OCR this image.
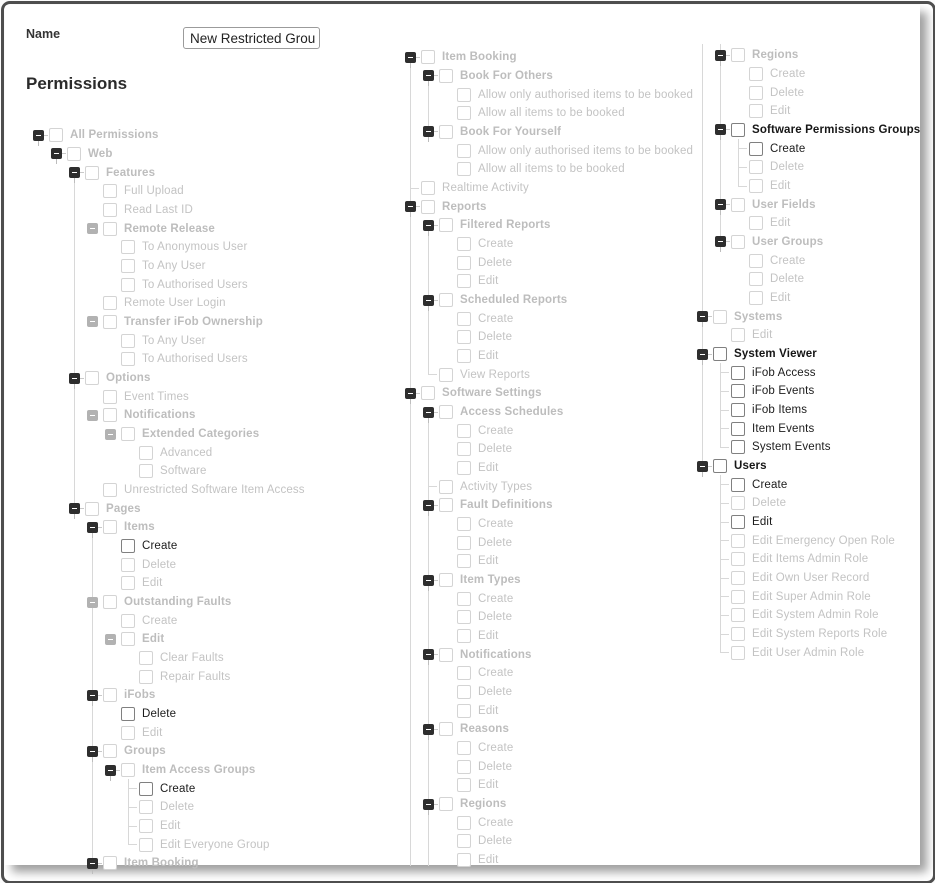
Name
New Restricted Group
Permissions
All Permissions
Web
Features
Full Upload
Read Last ID
Remote Release
To Anonymous User
To Any User
To Authorised Users
Remote User Login
Transfer iFob Ownership
To Any User
To Authorised Users
Options
Event Times
Notifications
Extended Categories
Advanced
Software
Unrestricted Software Item Access
Pages
Items
Create
Delete
Edit
Outstanding Faults
Create
Edit
Clear Faults
Repair Faults
iFobs
Delete
Edit
Groups
Item Access Groups
Create
Delete
Edit
Edit Everyone Group
Item Booking
Item Booking
Book For Others
Allow only authorised items to be booked
Allow all items to be booked
Book For Yourself
Allow only authorised items to be booked
Allow all items to be booked
Realtime Activity
Reports
Filtered Reports
Create
Delete
Edit
Scheduled Reports
Create
Delete
Edit
View Reports
Software Settings
Access Schedules
Create
Delete
Edit
Activity Types
Fault Definitions
Create
Delete
Edit
Item Types
Create
Delete
Edit
Notifications
Create
Delete
Edit
Reasons
Create
Delete
Edit
Regions
Create
Delete
Edit
Regions
Create
Delete
Edit
Software Permissions Groups
Create
Delete
Edit
User Fields
Edit
User Groups
Create
Delete
Edit
Systems
Edit
System Viewer
iFob Access
iFob Events
iFob Items
Item Events
System Events
Users
Create
Delete
Edit
Edit Emergency Open Role
Edit Items Admin Role
Edit Own User Record
Edit Super Admin Role
Edit System Admin Role
Edit System Reports Role
Edit User Admin Role
